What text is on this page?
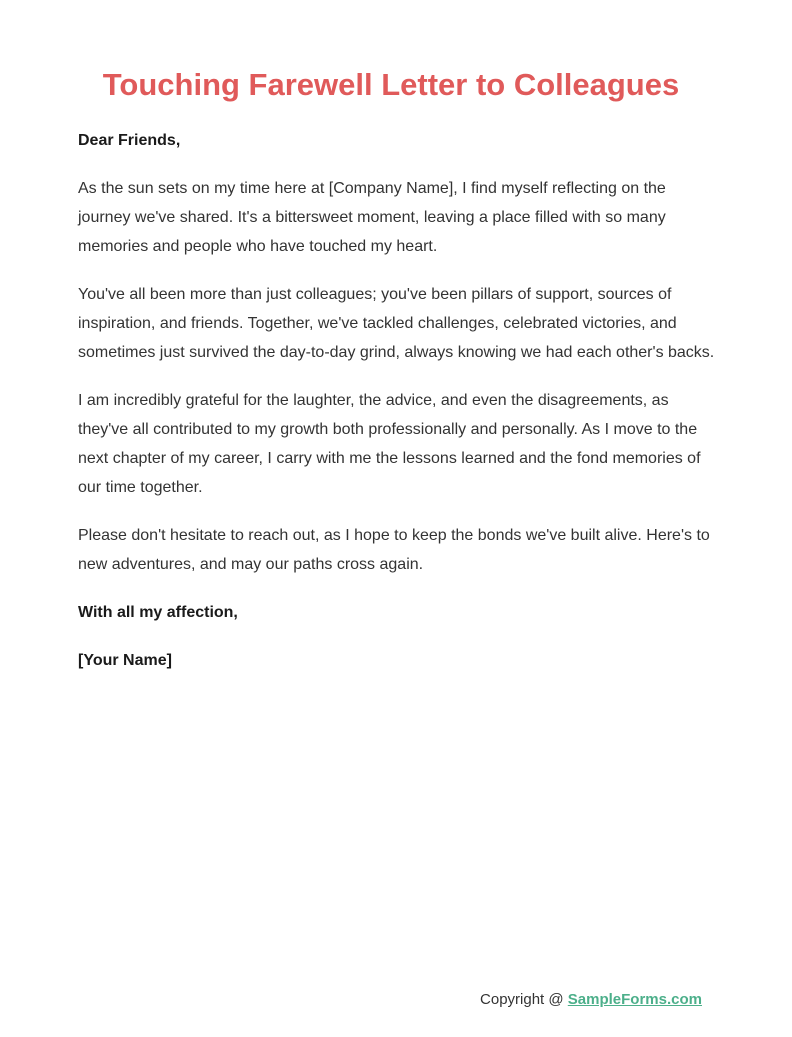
Touching Farewell Letter to Colleagues

Dear Friends,

As the sun sets on my time here at [Company Name], I find myself reflecting on the journey we've shared. It's a bittersweet moment, leaving a place filled with so many memories and people who have touched my heart.

You've all been more than just colleagues; you've been pillars of support, sources of inspiration, and friends. Together, we've tackled challenges, celebrated victories, and sometimes just survived the day-to-day grind, always knowing we had each other's backs.

I am incredibly grateful for the laughter, the advice, and even the disagreements, as they've all contributed to my growth both professionally and personally. As I move to the next chapter of my career, I carry with me the lessons learned and the fond memories of our time together.

Please don't hesitate to reach out, as I hope to keep the bonds we've built alive. Here's to new adventures, and may our paths cross again.

With all my affection,

[Your Name]

Copyright @ SampleForms.com
